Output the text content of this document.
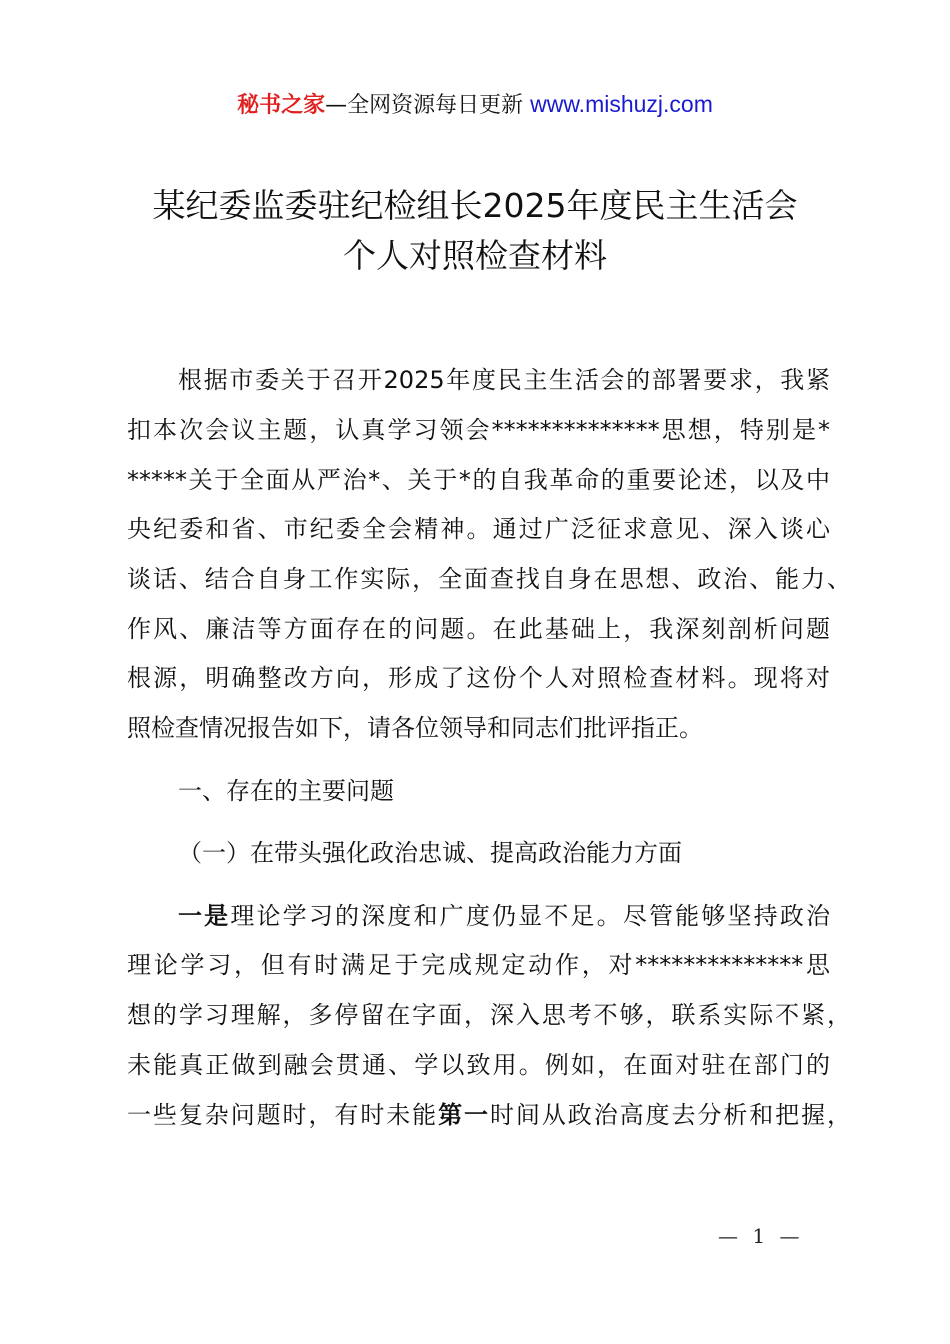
秘书之家—全网资源每日更新 www.mishuzj.com
某纪委监委驻纪检组长2025年度民主生活会
个人对照检查材料
根据市委关于召开2025年度民主生活会的部署要求，我紧
扣本次会议主题，认真学习领会**************思想，特别是*
*****关于全面从严治*、关于*的自我革命的重要论述，以及中
央纪委和省、市纪委全会精神。通过广泛征求意见、深入谈心
谈话、结合自身工作实际，全面查找自身在思想、政治、能力、
作风、廉洁等方面存在的问题。在此基础上，我深刻剖析问题
根源，明确整改方向，形成了这份个人对照检查材料。现将对
照检查情况报告如下，请各位领导和同志们批评指正。
一、存在的主要问题
（一）在带头强化政治忠诚、提高政治能力方面
一是理论学习的深度和广度仍显不足。尽管能够坚持政治
理论学习，但有时满足于完成规定动作，对**************思
想的学习理解，多停留在字面，深入思考不够，联系实际不紧，
未能真正做到融会贯通、学以致用。例如，在面对驻在部门的
一些复杂问题时，有时未能第一时间从政治高度去分析和把握，
— 1 —
